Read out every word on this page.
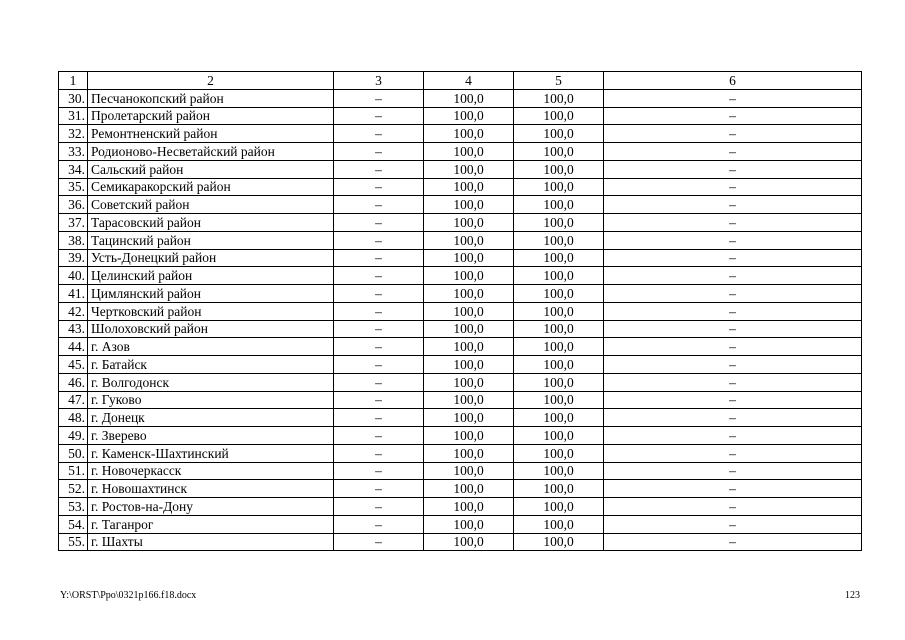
1	2	3	4	5	6
30.	Песчанокопский район	–	100,0	100,0	–
31.	Пролетарский район	–	100,0	100,0	–
32.	Ремонтненский район	–	100,0	100,0	–
33.	Родионово-Несветайский район	–	100,0	100,0	–
34.	Сальский район	–	100,0	100,0	–
35.	Семикаракорский район	–	100,0	100,0	–
36.	Советский район	–	100,0	100,0	–
37.	Тарасовский район	–	100,0	100,0	–
38.	Тацинский район	–	100,0	100,0	–
39.	Усть-Донецкий район	–	100,0	100,0	–
40.	Целинский район	–	100,0	100,0	–
41.	Цимлянский район	–	100,0	100,0	–
42.	Чертковский район	–	100,0	100,0	–
43.	Шолоховский район	–	100,0	100,0	–
44.	г. Азов	–	100,0	100,0	–
45.	г. Батайск	–	100,0	100,0	–
46.	г. Волгодонск	–	100,0	100,0	–
47.	г. Гуково	–	100,0	100,0	–
48.	г. Донецк	–	100,0	100,0	–
49.	г. Зверево	–	100,0	100,0	–
50.	г. Каменск-Шахтинский	–	100,0	100,0	–
51.	г. Новочеркасск	–	100,0	100,0	–
52.	г. Новошахтинск	–	100,0	100,0	–
53.	г. Ростов-на-Дону	–	100,0	100,0	–
54.	г. Таганрог	–	100,0	100,0	–
55.	г. Шахты	–	100,0	100,0	–
Y:\ORST\Ppo\0321p166.f18.docx	123
